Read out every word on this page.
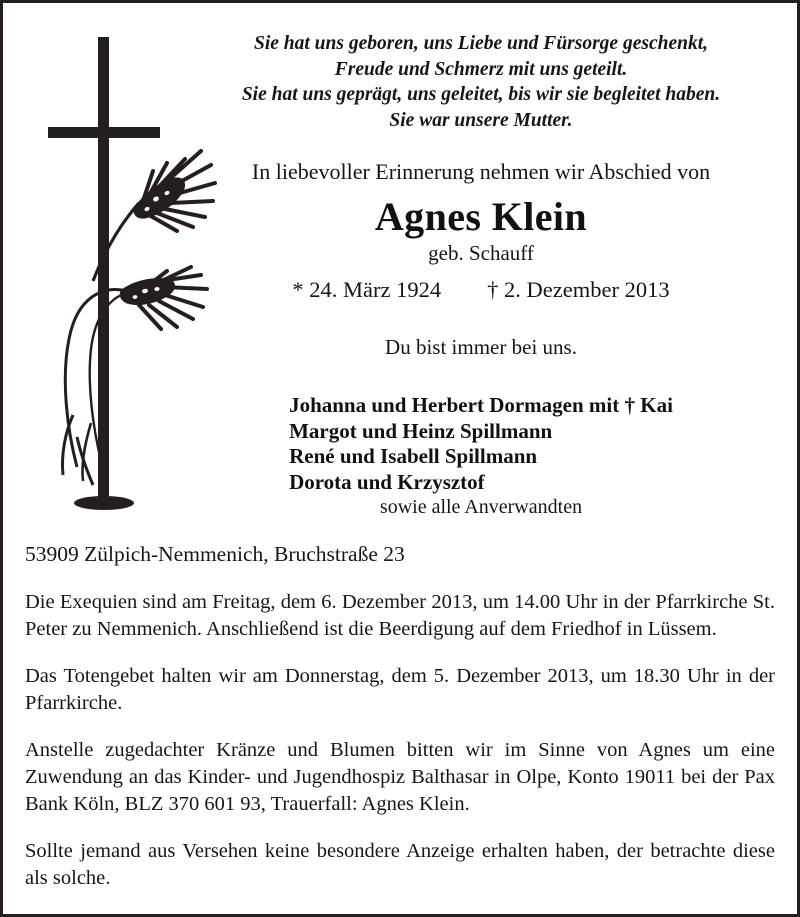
Sie hat uns geboren, uns Liebe und Fürsorge geschenkt,
Freude und Schmerz mit uns geteilt.
Sie hat uns geprägt, uns geleitet, bis wir sie begleitet haben.
Sie war unsere Mutter.
In liebevoller Erinnerung nehmen wir Abschied von
Agnes Klein
geb. Schauff
* 24. März 1924 † 2. Dezember 2013
Du bist immer bei uns.
Johanna und Herbert Dormagen mit † Kai
Margot und Heinz Spillmann
René und Isabell Spillmann
Dorota und Krzysztof
sowie alle Anverwandten
53909 Zülpich-Nemmenich, Bruchstraße 23
Die Exequien sind am Freitag, dem 6. Dezember 2013, um 14.00 Uhr in der Pfarrkirche St. Peter zu Nemmenich. Anschließend ist die Beerdigung auf dem Friedhof in Lüssem.
Das Totengebet halten wir am Donnerstag, dem 5. Dezember 2013, um 18.30 Uhr in der Pfarrkirche.
Anstelle zugedachter Kränze und Blumen bitten wir im Sinne von Agnes um eine Zuwendung an das Kinder- und Jugendhospiz Balthasar in Olpe, Konto 19011 bei der Pax Bank Köln, BLZ 370 601 93, Trauerfall: Agnes Klein.
Sollte jemand aus Versehen keine besondere Anzeige erhalten haben, der betrachte diese als solche.
